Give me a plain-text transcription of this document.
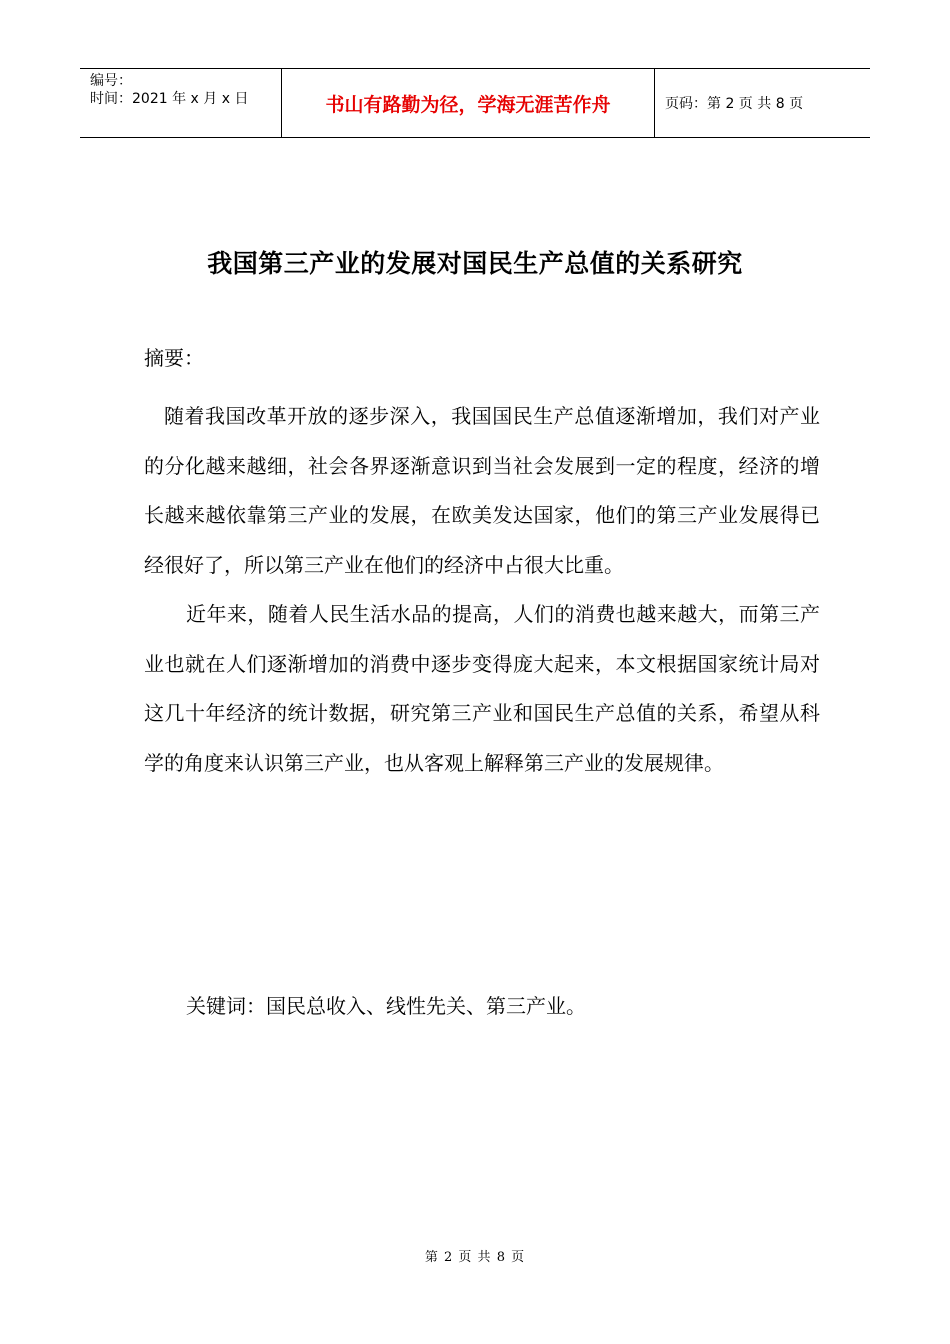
编号：
时间：2021 年 x 月 x 日	书山有路勤为径，学海无涯苦作舟	页码：第 2 页 共 8 页
我国第三产业的发展对国民生产总值的关系研究
摘要：

随着我国改革开放的逐步深入，我国国民生产总值逐渐增加，我们对产业的分化越来越细，社会各界逐渐意识到当社会发展到一定的程度，经济的增长越来越依靠第三产业的发展，在欧美发达国家，他们的第三产业发展得已经很好了，所以第三产业在他们的经济中占很大比重。

近年来，随着人民生活水品的提高，人们的消费也越来越大，而第三产业也就在人们逐渐增加的消费中逐步变得庞大起来，本文根据国家统计局对这几十年经济的统计数据，研究第三产业和国民生产总值的关系，希望从科学的角度来认识第三产业，也从客观上解释第三产业的发展规律。

关键词：国民总收入、线性先关、第三产业。
第 2 页 共 8 页
